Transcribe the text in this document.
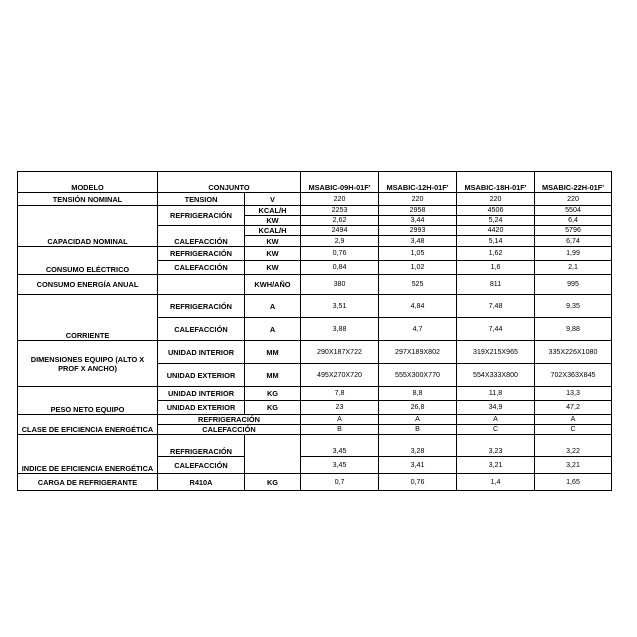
MODELO	CONJUNTO		MSABIC-09H-01F'	MSABIC-12H-01F'	MSABIC-18H-01F'	MSABIC-22H-01F'
TENSIÓN NOMINAL	TENSION	V	220	220	220	220
CAPACIDAD NOMINAL	REFRIGERACIÓN	KCAL/H	2253	2958	4506	5504
		KW	2,62	3,44	5,24	6,4
	CALEFACCIÓN	KCAL/H	2494	2993	4420	5796
		KW	2,9	3,48	5,14	6,74
CONSUMO ELÉCTRICO	REFRIGERACIÓN	KW	0,76	1,05	1,62	1,99
	CALEFACCIÓN	KW	0,84	1,02	1,6	2,1
CONSUMO ENERGÍA ANUAL		KWH/AÑO	380	525	811	995
CORRIENTE	REFRIGERACIÓN	A	3,51	4,84	7,48	9,35
	CALEFACCIÓN	A	3,88	4,7	7,44	9,88
DIMENSIONES EQUIPO (ALTO X PROF X ANCHO)	UNIDAD INTERIOR	MM	290X187X722	297X189X802	319X215X965	335X226X1080
	UNIDAD EXTERIOR	MM	495X270X720	555X300X770	554X333X800	702X363X845
PESO NETO EQUIPO	UNIDAD INTERIOR	KG	7,8	8,8	11,8	13,3
	UNIDAD EXTERIOR	KG	23	26,8	34,9	47,2
CLASE DE EFICIENCIA ENERGÉTICA	REFRIGERACIÓN		A	A	A	A
	CALEFACCIÓN		B	B	C	C
INDICE DE EFICIENCIA ENERGÉTICA	REFRIGERACIÓN		3,45	3,28	3,23	3,22
	CALEFACCIÓN		3,45	3,41	3,21	3,21
CARGA DE REFRIGERANTE	R410A	KG	0,7	0,76	1,4	1,65
